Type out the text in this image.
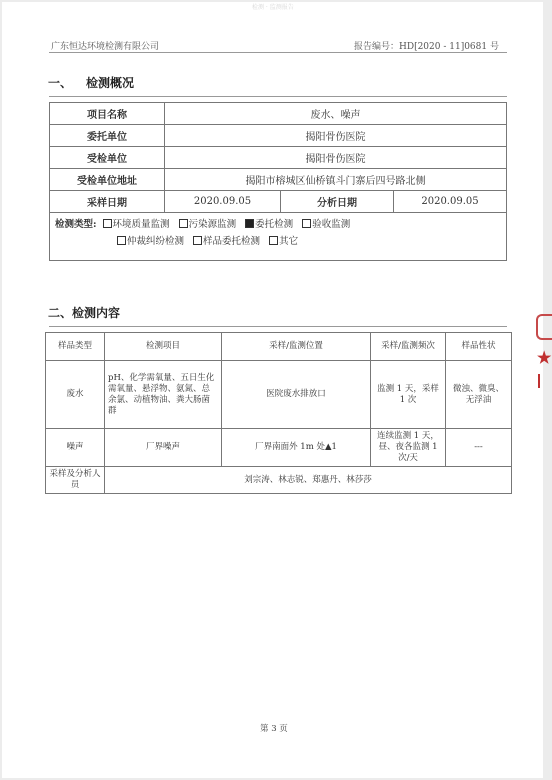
检测 · 监测报告
广东恒达环境检测有限公司	报告编号：HD[2020 - 11]0681 号
一、 检测概况
项目名称	废水、噪声		
委托单位	揭阳骨伤医院		
受检单位	揭阳骨伤医院		
受检单位地址	揭阳市榕城区仙桥镇斗门寨后四号路北侧		
采样日期	2020.09.05	分析日期	2020.09.05

检测类型: 环境质量监测 污染源监测 委托检测 验收监测
仲裁纠纷检测 样品委托检测 其它			
二、检测内容
样品类型	检测项目	采样/监测位置	采样/监测频次	样品性状
废水	pH、化学需氧量、五日生化需氧量、悬浮物、氨氮、总余氯、动植物油、粪大肠菌群	医院废水排放口	监测 1 天，采样 1 次	微浊、微臭、无浮油
噪声	厂界噪声	厂界南面外 1m 处▲1	连续监测 1 天，昼、夜各监测 1 次/天	---
采样及分析人员	刘宗涛、林志锐、郑惠丹、林莎莎			
第 3 页
★
